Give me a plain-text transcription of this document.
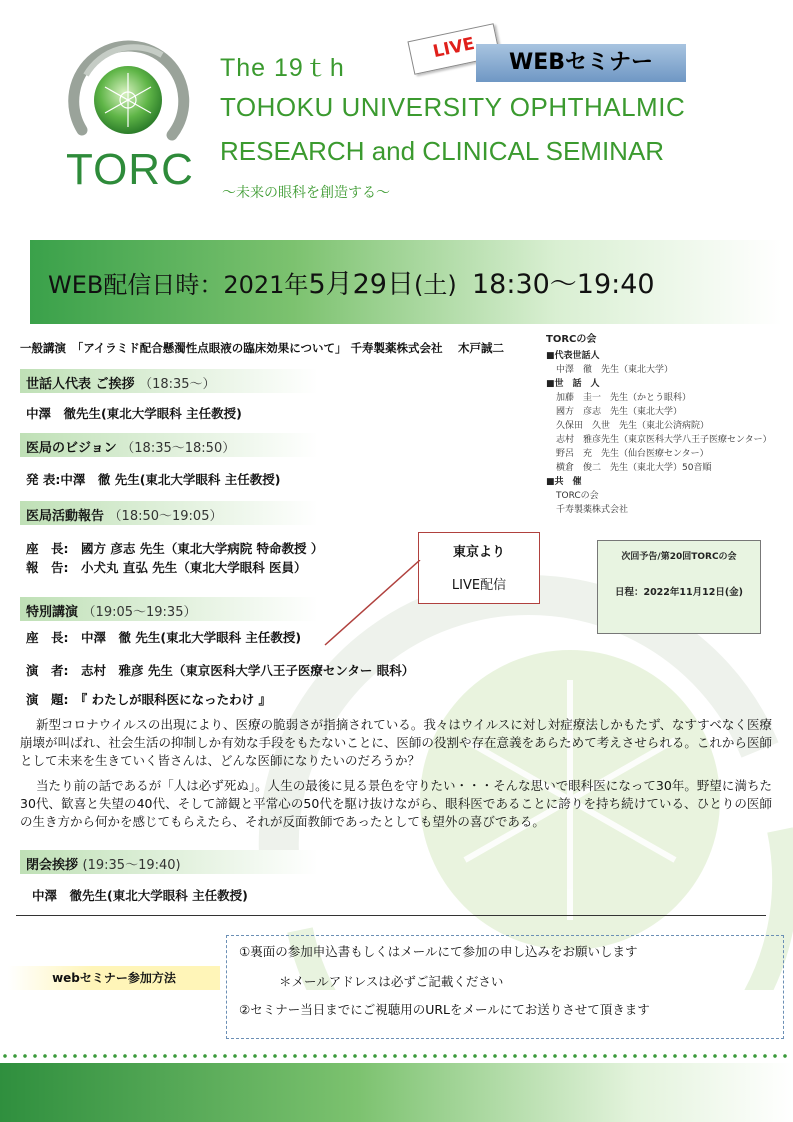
TORC
LIVE
WEBセミナー
The 19ｔh
TOHOKU UNIVERSITY OPHTHALMIC
RESEARCH and CLINICAL SEMINAR
～未来の眼科を創造する～
WEB配信日時：2021年5月29日(土) 18:30～19:40
一般講演　「アイラミド配合懸濁性点眼液の臨床効果について」 千寿製薬株式会社　 木戸誠二
世話人代表 ご挨拶 （18:35～）
中澤　徹先生(東北大学眼科 主任教授)
医局のビジョン （18:35～18:50）
発 表:中澤　徹 先生(東北大学眼科 主任教授)
医局活動報告 （18:50～19:05）
座　長:　國方 彦志 先生（東北大学病院 特命教授 ）
報　告:　小犬丸 直弘 先生（東北大学眼科 医員）
東京より
LIVE配信
特別講演 （19:05～19:35）
座　長:　中澤　徹 先生(東北大学眼科 主任教授)
演　者:　志村　雅彦 先生（東京医科大学八王子医療センター 眼科）
演　題:　『 わたしが眼科医になったわけ 』
新型コロナウイルスの出現により、医療の脆弱さが指摘されている。我々はウイルスに対し対症療法しかもたず、なすすべなく医療崩壊が叫ばれ、社会生活の抑制しか有効な手段をもたないことに、医師の役割や存在意義をあらためて考えさせられる。これから医師として未来を生きていく皆さんは、どんな医師になりたいのだろうか？
当たり前の話であるが「人は必ず死ぬ」。人生の最後に見る景色を守りたい・・・そんな思いで眼科医になって30年。野望に満ちた30代、歓喜と失望の40代、そして諦観と平常心の50代を駆け抜けながら、眼科医であることに誇りを持ち続けている、ひとりの医師の生き方から何かを感じてもらえたら、それが反面教師であったとしても望外の喜びである。
閉会挨拶 (19:35～19:40)
中澤　徹先生(東北大学眼科 主任教授)
TORCの会
■代表世話人
中澤　徹　先生（東北大学）
■世　話　人
加藤　圭一　先生（かとう眼科）
國方　彦志　先生（東北大学）
久保田　久世　先生（東北公済病院）
志村　雅彦先生（東京医科大学八王子医療センター）
野呂　充　先生（仙台医療センター）
横倉　俊二　先生（東北大学）50音順
■共　催
TORCの会
千寿製薬株式会社
次回予告/第20回TORCの会
日程：2022年11月12日(金)
webセミナー参加方法
①裏面の参加申込書もしくはメールにて参加の申し込みをお願いします
＊メールアドレスは必ずご記載ください
②セミナー当日までにご視聴用のURLをメールにてお送りさせて頂きます
